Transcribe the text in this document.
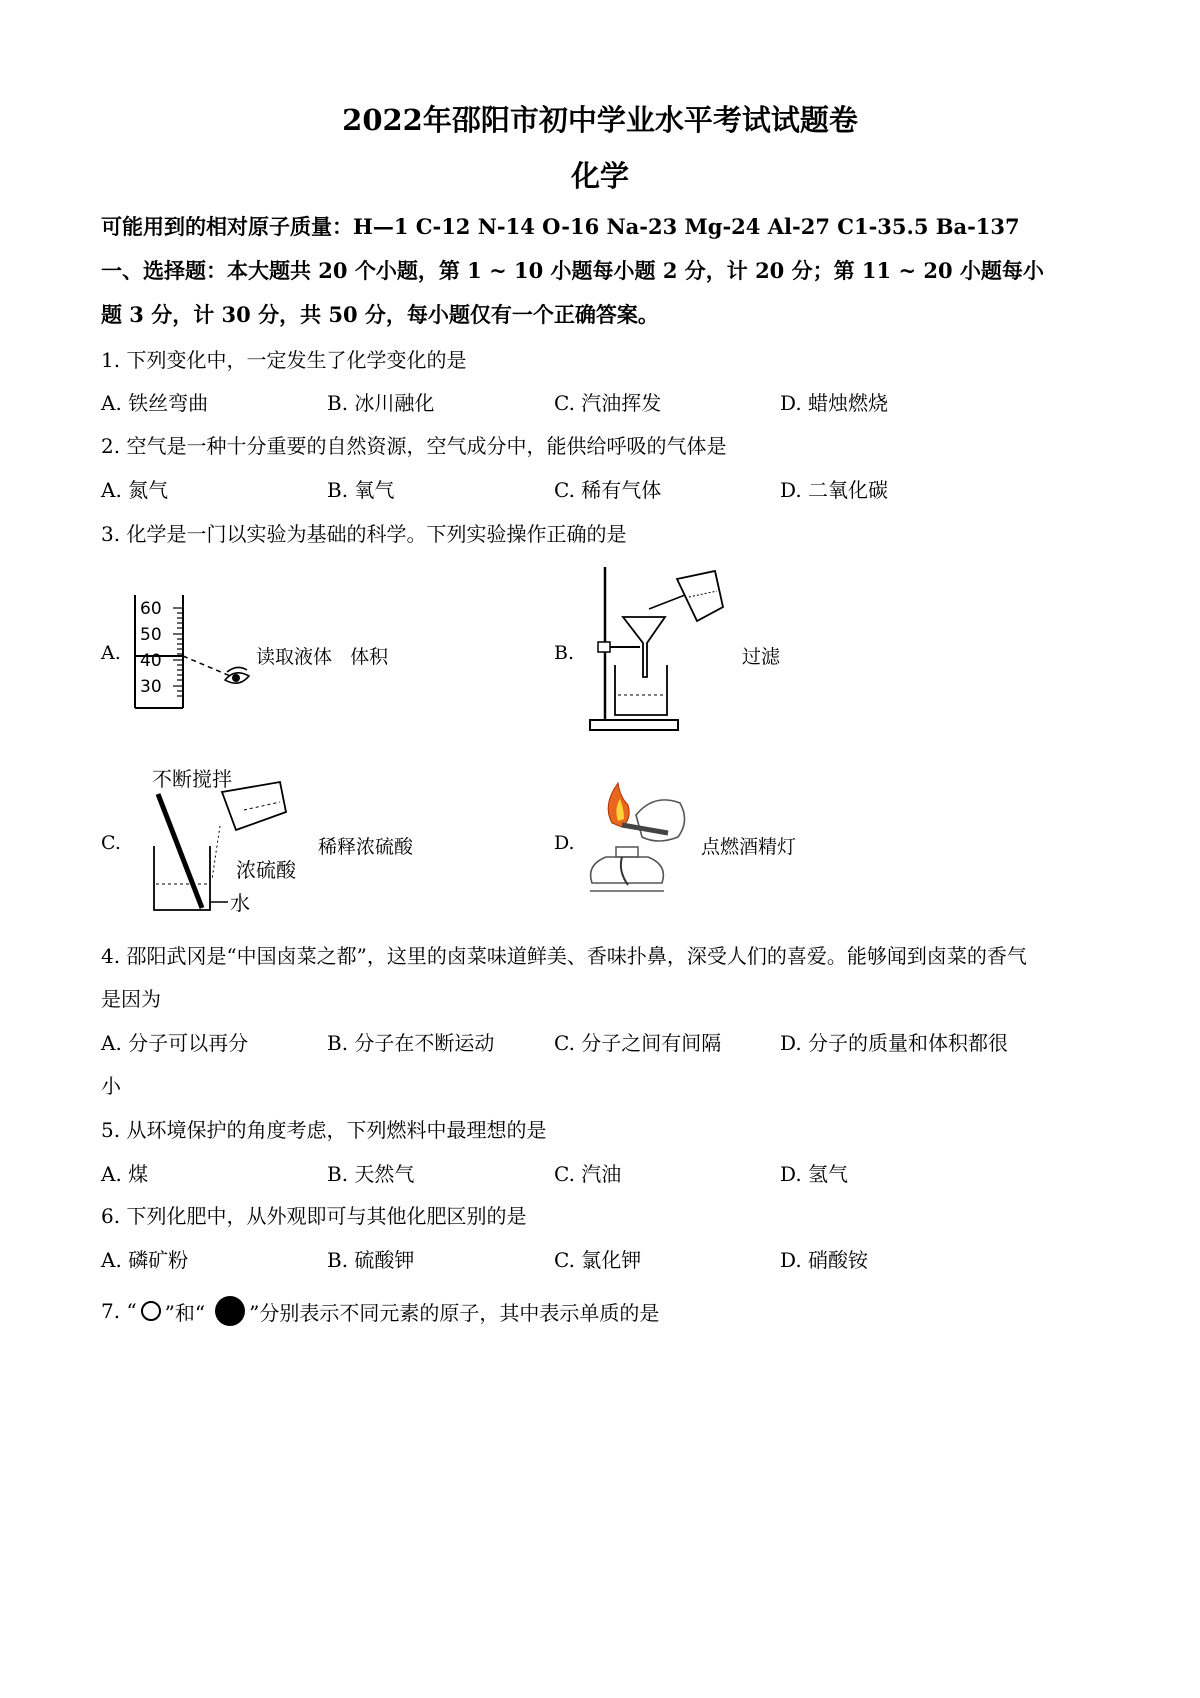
2022年邵阳市初中学业水平考试试题卷
化学
可能用到的相对原子质量：H—1 C-12 N-14 O-16 Na-23 Mg-24 Al-27 C1-35.5 Ba-137
一、选择题：本大题共 20 个小题，第 1 ~ 10 小题每小题 2 分，计 20 分；第 11 ~ 20 小题每小
题 3 分，计 30 分，共 50 分，每小题仅有一个正确答案。
1. 下列变化中，一定发生了化学变化的是
A. 铁丝弯曲	B. 冰川融化	C. 汽油挥发	D. 蜡烛燃烧
2. 空气是一种十分重要的自然资源，空气成分中，能供给呼吸的气体是
A. 氮气	B. 氧气	C. 稀有气体	D. 二氧化碳
3. 化学是一门以实验为基础的科学。下列实验操作正确的是
A.
60
50
40
30
读取液体   体积	B.	过滤
C.
不断搅拌
浓硫酸
水
稀释浓硫酸	D.	点燃酒精灯
4. 邵阳武冈是“中国卤菜之都”，这里的卤菜味道鲜美、香味扑鼻，深受人们的喜爱。能够闻到卤菜的香气
是因为
A. 分子可以再分	B. 分子在不断运动	C. 分子之间有间隔	D. 分子的质量和体积都很
小
5. 从环境保护的角度考虑，下列燃料中最理想的是
A. 煤	B. 天然气	C. 汽油	D. 氢气
6. 下列化肥中，从外观即可与其他化肥区别的是
A. 磷矿粉	B. 硫酸钾	C. 氯化钾	D. 硝酸铵
7. “ ”和“ ”分别表示不同元素的原子，其中表示单质的是
